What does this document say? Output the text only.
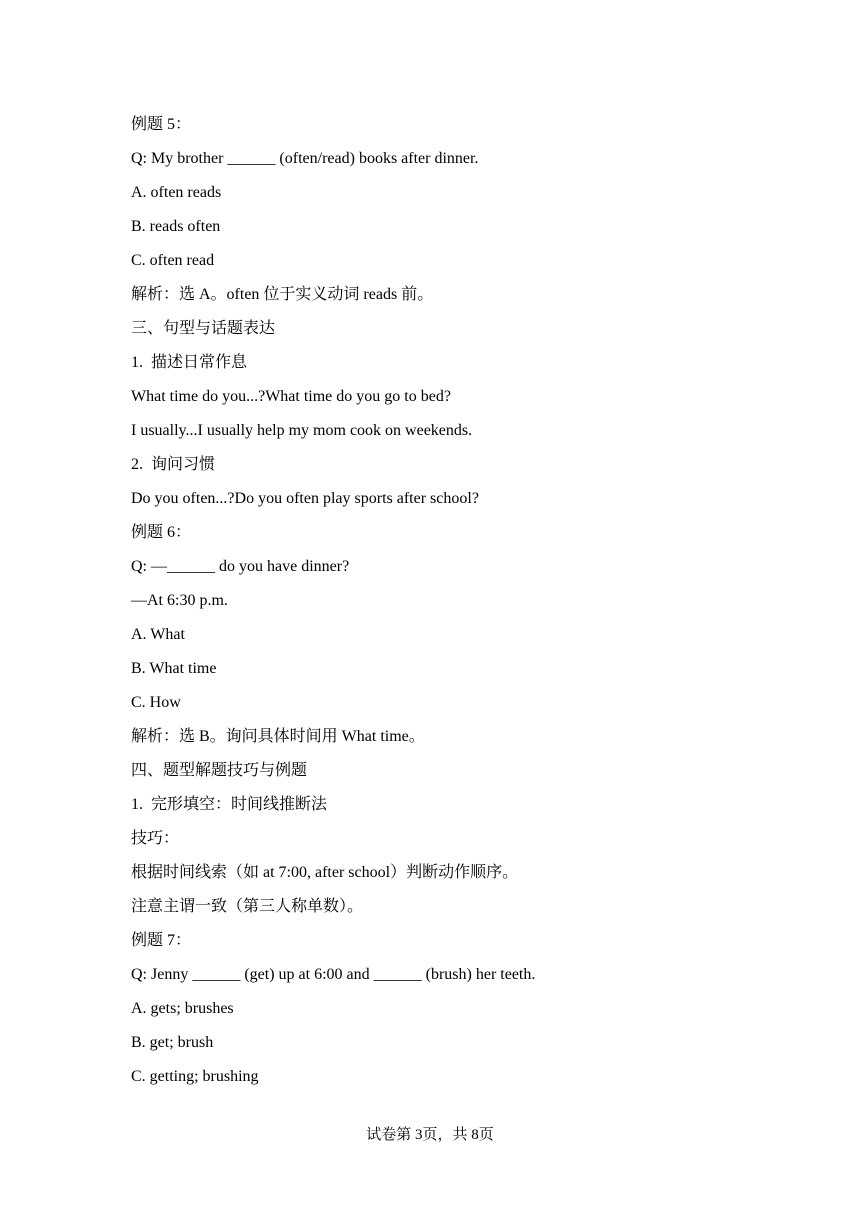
例题 5：
Q: My brother ______ (often/read) books after dinner.
A. often reads
B. reads often
C. often read
解析：选 A。often 位于实义动词 reads 前。
三、句型与话题表达
1.  描述日常作息
What time do you...?What time do you go to bed?
I usually...I usually help my mom cook on weekends.
2.  询问习惯
Do you often...?Do you often play sports after school?
例题 6：
Q: —______ do you have dinner?
—At 6:30 p.m.
A. What
B. What time
C. How
解析：选 B。询问具体时间用 What time。
四、题型解题技巧与例题
1.  完形填空：时间线推断法
技巧：
根据时间线索（如 at 7:00, after school）判断动作顺序。
注意主谓一致（第三人称单数）。
例题 7：
Q: Jenny ______ (get) up at 6:00 and ______ (brush) her teeth.
A. gets; brushes
B. get; brush
C. getting; brushing
试卷第 3页，共 8页
